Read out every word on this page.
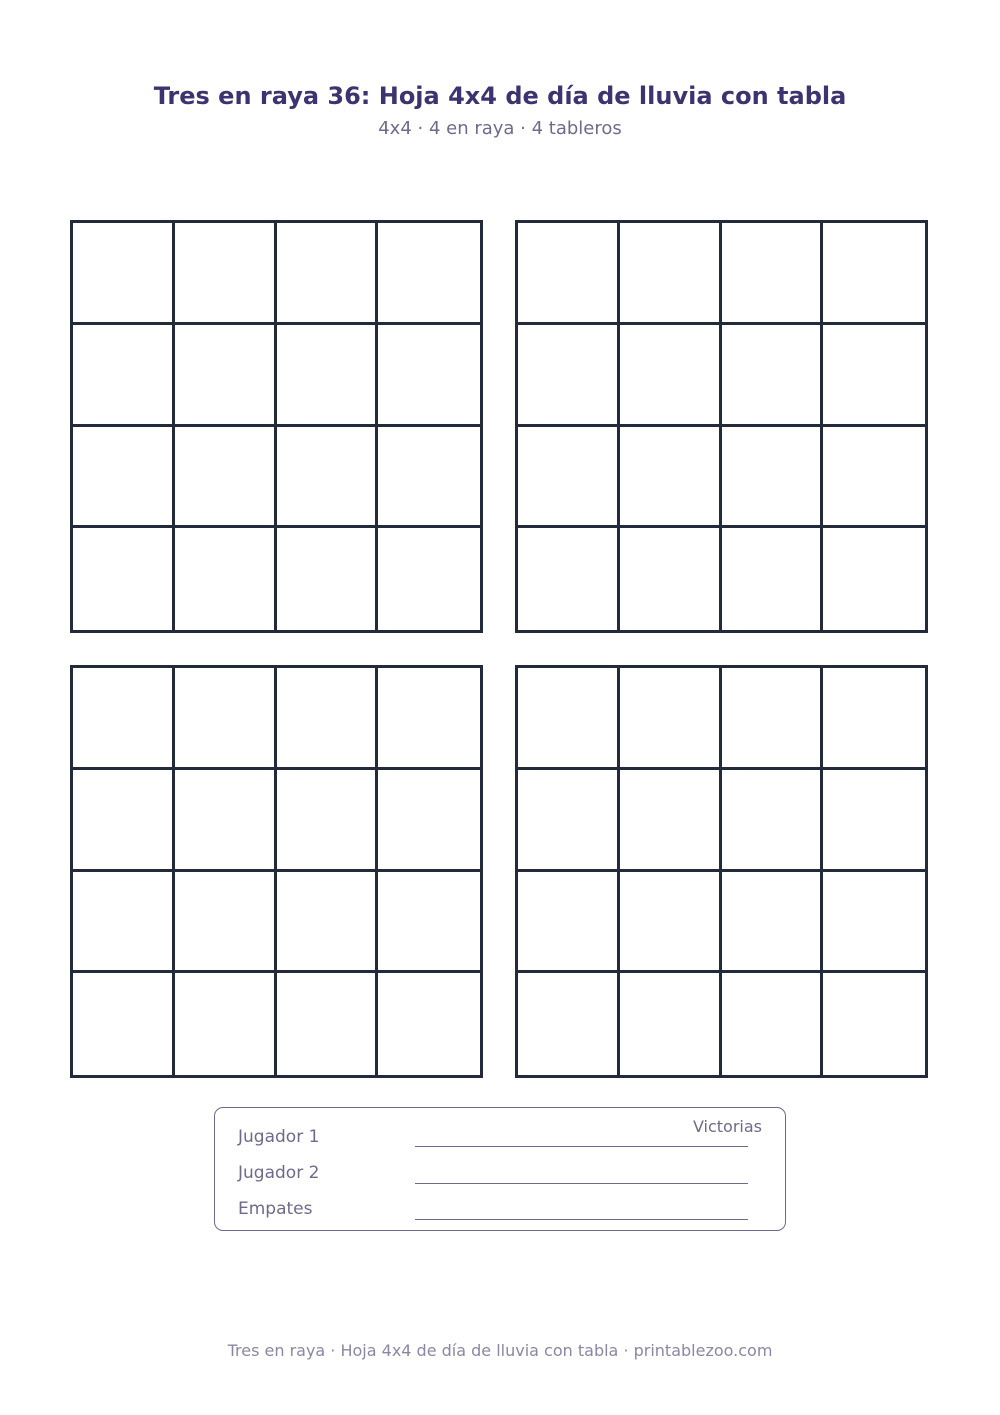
Tres en raya 36: Hoja 4x4 de día de lluvia con tabla
4x4 · 4 en raya · 4 tableros
Victorias
Jugador 1
Jugador 2
Empates
Tres en raya · Hoja 4x4 de día de lluvia con tabla · printablezoo.com
